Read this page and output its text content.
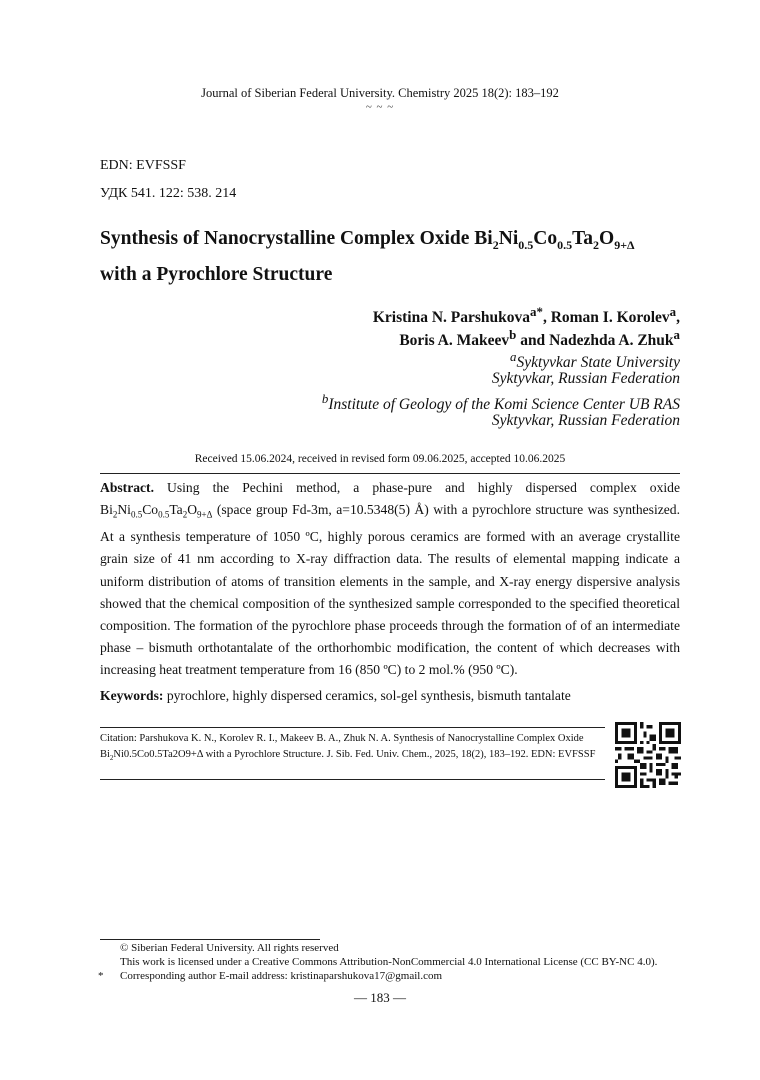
Journal of Siberian Federal University. Chemistry 2025 18(2): 183–192
~ ~ ~
EDN: EVFSSF
УДК 541. 122: 538. 214
Synthesis of Nanocrystalline Complex Oxide $Bi_2Ni_{0.5}Co_{0.5}Ta_2O_{9+\Delta}$
with a Pyrochlore Structure
Kristina N. Parshukova$^{a*}$, Roman I. Korolev$^a$,
Boris A. Makeev$^b$ and Nadezhda A. Zhuk$^a$
$^a$Syktyvkar State University
Syktyvkar, Russian Federation
$^b$Institute of Geology of the Komi Science Center UB RAS
Syktyvkar, Russian Federation
Received 15.06.2024, received in revised form 09.06.2025, accepted 10.06.2025
Abstract. Using the Pechini method, a phase-pure and highly dispersed complex oxide $Bi_2Ni_{0.5}Co_{0.5}Ta_2O_{9+\Delta}$ (space group Fd-3m, a=10.5348(5) Å) with a pyrochlore structure was synthesized. At a synthesis temperature of 1050 ºC, highly porous ceramics are formed with an average crystallite grain size of 41 nm according to X-ray diffraction data. The results of elemental mapping indicate a uniform distribution of atoms of transition elements in the sample, and X-ray energy dispersive analysis showed that the chemical composition of the synthesized sample corresponded to the specified theoretical composition. The formation of the pyrochlore phase proceeds through the formation of of an intermediate phase – bismuth orthotantalate of the orthorhombic modification, the content of which decreases with increasing heat treatment temperature from 16 (850 ºC) to 2 mol.% (950 ºC).
Keywords: pyrochlore, highly dispersed ceramics, sol-gel synthesis, bismuth tantalate
Citation: Parshukova K. N., Korolev R. I., Makeev B. A., Zhuk N. A. Synthesis of Nanocrystalline Complex Oxide $Bi_2Ni0.5Co0.5Ta2O9+\Delta$ with a Pyrochlore Structure. J. Sib. Fed. Univ. Chem., 2025, 18(2), 183–192. EDN: EVFSSF
© Siberian Federal University. All rights reserved
This work is licensed under a Creative Commons Attribution-NonCommercial 4.0 International License (CC BY-NC 4.0).
* Corresponding author E-mail address: kristinaparshukova17@gmail.com
— 183 —
